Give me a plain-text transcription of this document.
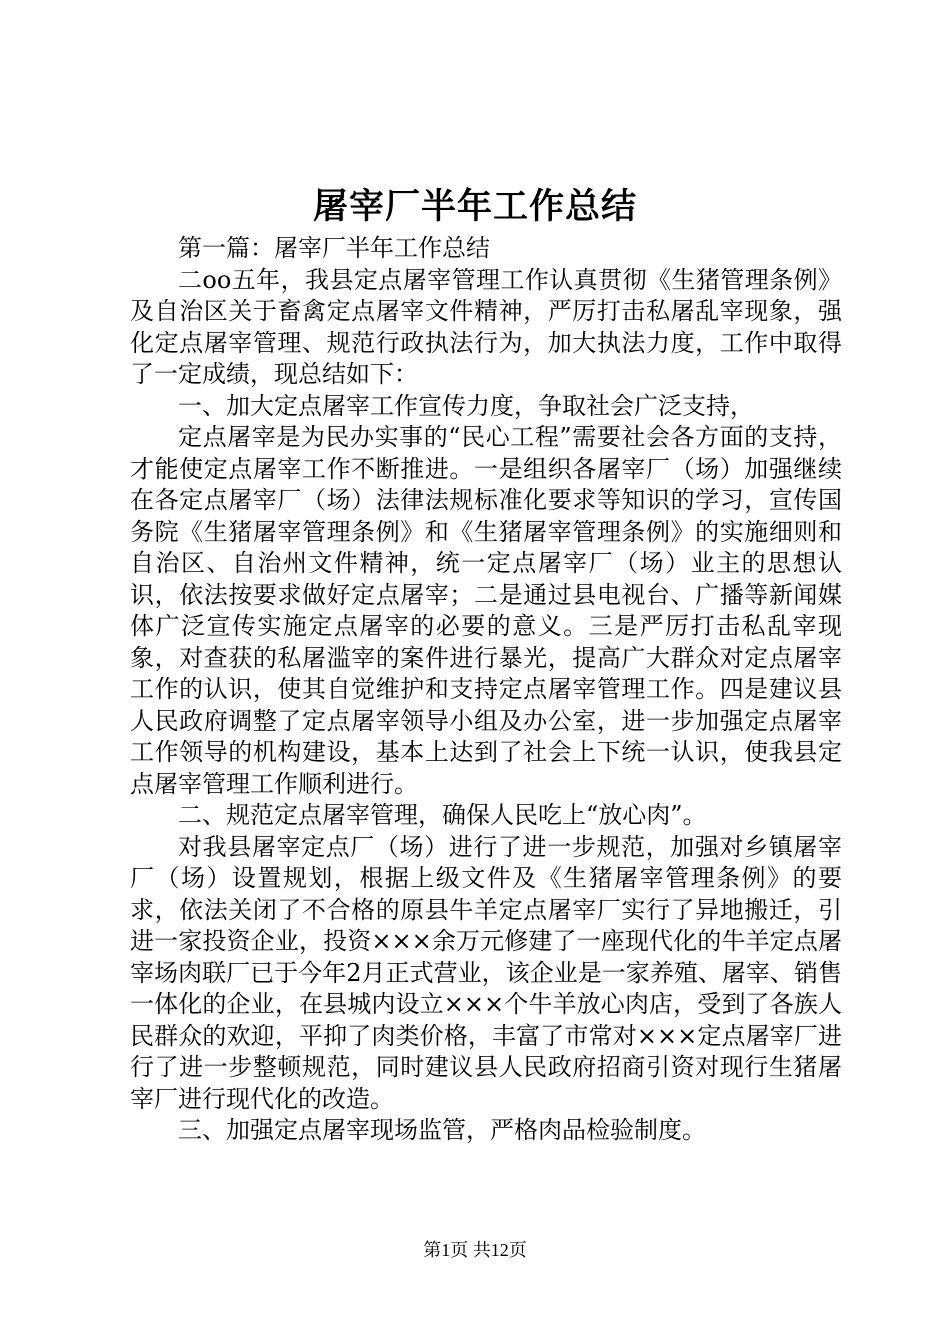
屠宰厂半年工作总结

第一篇：屠宰厂半年工作总结

二oo五年，我县定点屠宰管理工作认真贯彻《生猪管理条例》及自治区关于畜禽定点屠宰文件精神，严厉打击私屠乱宰现象，强化定点屠宰管理、规范行政执法行为，加大执法力度，工作中取得了一定成绩，现总结如下：

一、加大定点屠宰工作宣传力度，争取社会广泛支持，

定点屠宰是为民办实事的“民心工程”需要社会各方面的支持，才能使定点屠宰工作不断推进。一是组织各屠宰厂（场）加强继续在各定点屠宰厂（场）法律法规标准化要求等知识的学习，宣传国务院《生猪屠宰管理条例》和《生猪屠宰管理条例》的实施细则和自治区、自治州文件精神，统一定点屠宰厂（场）业主的思想认识，依法按要求做好定点屠宰；二是通过县电视台、广播等新闻媒体广泛宣传实施定点屠宰的必要的意义。三是严厉打击私乱宰现象，对查获的私屠滥宰的案件进行暴光，提高广大群众对定点屠宰工作的认识，使其自觉维护和支持定点屠宰管理工作。四是建议县人民政府调整了定点屠宰领导小组及办公室，进一步加强定点屠宰工作领导的机构建设，基本上达到了社会上下统一认识，使我县定点屠宰管理工作顺利进行。

二、规范定点屠宰管理，确保人民吃上“放心肉”。

对我县屠宰定点厂（场）进行了进一步规范，加强对乡镇屠宰厂（场）设置规划，根据上级文件及《生猪屠宰管理条例》的要求，依法关闭了不合格的原县牛羊定点屠宰厂实行了异地搬迁，引进一家投资企业，投资×××余万元修建了一座现代化的牛羊定点屠宰场肉联厂已于今年2月正式营业，该企业是一家养殖、屠宰、销售一体化的企业，在县城内设立×××个牛羊放心肉店，受到了各族人民群众的欢迎，平抑了肉类价格，丰富了市常对×××定点屠宰厂进行了进一步整顿规范，同时建议县人民政府招商引资对现行生猪屠宰厂进行现代化的改造。

三、加强定点屠宰现场监管，严格肉品检验制度。

第1页 共12页
